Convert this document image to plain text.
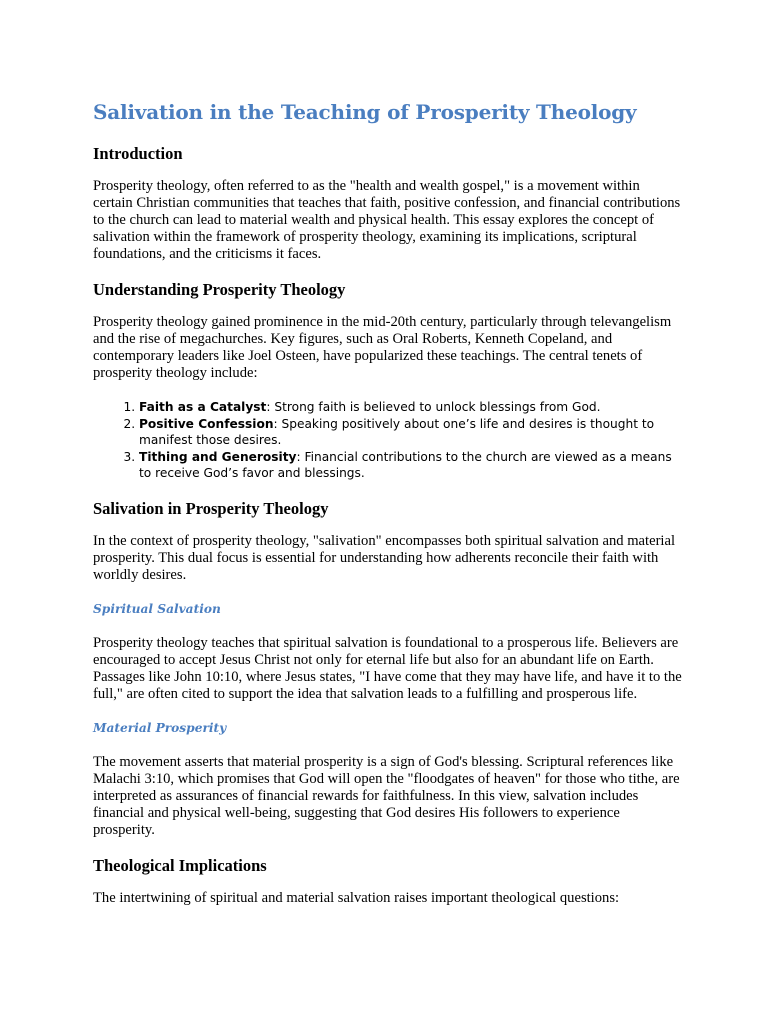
Salivation in the Teaching of Prosperity Theology
Introduction

Prosperity theology, often referred to as the "health and wealth gospel," is a movement within certain Christian communities that teaches that faith, positive confession, and financial contributions to the church can lead to material wealth and physical health. This essay explores the concept of salivation within the framework of prosperity theology, examining its implications, scriptural foundations, and the criticisms it faces.

Understanding Prosperity Theology

Prosperity theology gained prominence in the mid-20th century, particularly through televangelism and the rise of megachurches. Key figures, such as Oral Roberts, Kenneth Copeland, and contemporary leaders like Joel Osteen, have popularized these teachings. The central tenets of prosperity theology include:

1. Faith as a Catalyst: Strong faith is believed to unlock blessings from God.
2. Positive Confession: Speaking positively about one’s life and desires is thought to manifest those desires.
3. Tithing and Generosity: Financial contributions to the church are viewed as a means to receive God’s favor and blessings.
Salivation in Prosperity Theology

In the context of prosperity theology, "salivation" encompasses both spiritual salvation and material prosperity. This dual focus is essential for understanding how adherents reconcile their faith with worldly desires.

Spiritual Salvation

Prosperity theology teaches that spiritual salvation is foundational to a prosperous life. Believers are encouraged to accept Jesus Christ not only for eternal life but also for an abundant life on Earth. Passages like John 10:10, where Jesus states, "I have come that they may have life, and have it to the full," are often cited to support the idea that salvation leads to a fulfilling and prosperous life.

Material Prosperity

The movement asserts that material prosperity is a sign of God's blessing. Scriptural references like Malachi 3:10, which promises that God will open the "floodgates of heaven" for those who tithe, are interpreted as assurances of financial rewards for faithfulness. In this view, salvation includes financial and physical well-being, suggesting that God desires His followers to experience prosperity.

Theological Implications

The intertwining of spiritual and material salvation raises important theological questions:
